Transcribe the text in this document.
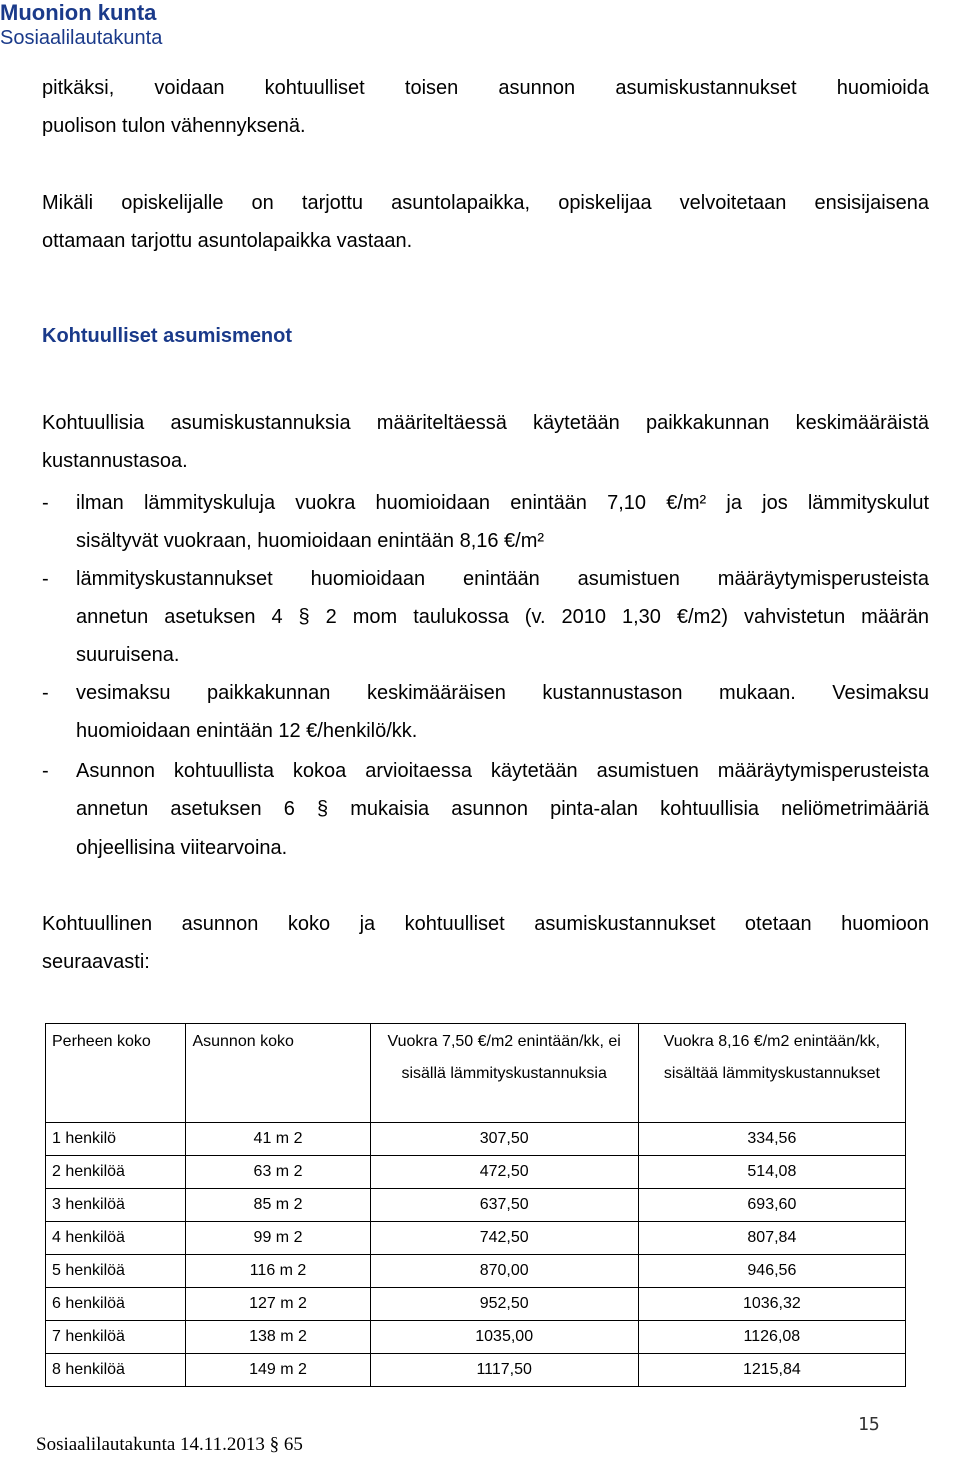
Muonion kunta
Sosiaalilautakunta
pitkäksi, voidaan kohtuulliset toisen asunnon asumiskustannukset huomioida
puolison tulon vähennyksenä.
Mikäli opiskelijalle on tarjottu asuntolapaikka, opiskelijaa velvoitetaan ensisijaisena
ottamaan tarjottu asuntolapaikka vastaan.
Kohtuulliset asumismenot
Kohtuullisia asumiskustannuksia määriteltäessä käytetään paikkakunnan keskimääräistä
kustannustasoa.
- ilman lämmityskuluja vuokra huomioidaan enintään 7,10 €/m² ja jos lämmityskulut
sisältyvät vuokraan, huomioidaan enintään 8,16 €/m²
- lämmityskustannukset huomioidaan enintään asumistuen määräytymisperusteista
annetun asetuksen 4 § 2 mom taulukossa (v. 2010 1,30 €/m2) vahvistetun määrän
suuruisena.
- vesimaksu paikkakunnan keskimääräisen kustannustason mukaan. Vesimaksu
huomioidaan enintään 12 €/henkilö/kk.
- Asunnon kohtuullista kokoa arvioitaessa käytetään asumistuen määräytymisperusteista
annetun asetuksen 6 § mukaisia asunnon pinta-alan kohtuullisia neliömetrimääriä
ohjeellisina viitearvoina.
Kohtuullinen asunnon koko ja kohtuulliset asumiskustannukset otetaan huomioon
seuraavasti:
Perheen koko	Asunnon koko	Vuokra 7,50 €/m2 enintään/kk, ei sisällä lämmityskustannuksia	Vuokra 8,16 €/m2 enintään/kk, sisältää lämmityskustannukset
1 henkilö	41 m 2	307,50	334,56
2 henkilöä	63 m 2	472,50	514,08
3 henkilöä	85 m 2	637,50	693,60
4 henkilöä	99 m 2	742,50	807,84
5 henkilöä	116 m 2	870,00	946,56
6 henkilöä	127 m 2	952,50	1036,32
7 henkilöä	138 m 2	1035,00	1126,08
8 henkilöä	149 m 2	1117,50	1215,84
Sosiaalilautakunta 14.11.2013 § 65
15
